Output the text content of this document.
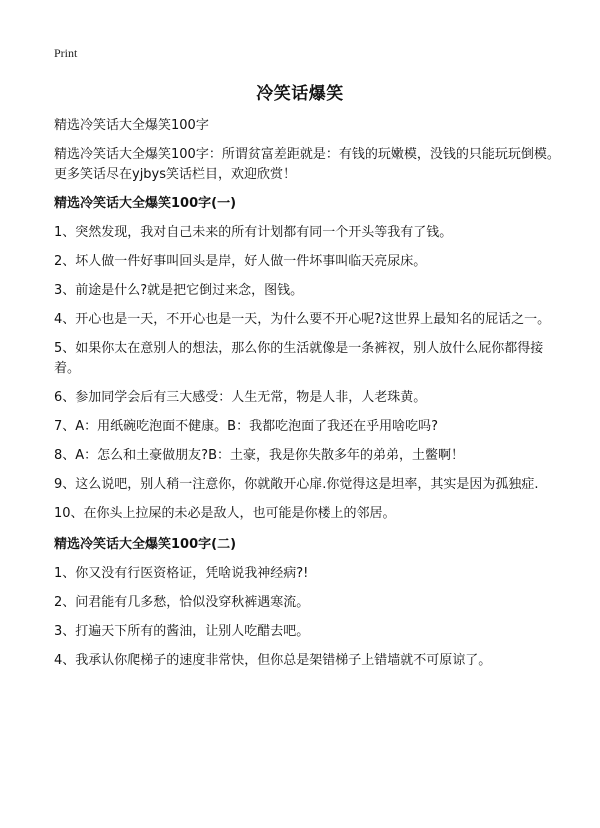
Print
冷笑话爆笑

精选冷笑话大全爆笑100字

精选冷笑话大全爆笑100字：所谓贫富差距就是：有钱的玩嫩模，没钱的只能玩玩倒模。更多笑话尽在yjbys笑话栏目，欢迎欣赏！

精选冷笑话大全爆笑100字(一)

1、突然发现，我对自己未来的所有计划都有同一个开头等我有了钱。

2、坏人做一件好事叫回头是岸，好人做一件坏事叫临天亮尿床。

3、前途是什么?就是把它倒过来念，图钱。

4、开心也是一天，不开心也是一天，为什么要不开心呢?这世界上最知名的屁话之一。

5、如果你太在意别人的想法，那么你的生活就像是一条裤衩，别人放什么屁你都得接着。

6、参加同学会后有三大感受：人生无常，物是人非，人老珠黄。

7、A：用纸碗吃泡面不健康。B：我都吃泡面了我还在乎用啥吃吗?

8、A：怎么和土豪做朋友?B：土豪，我是你失散多年的弟弟，土鳖啊！

9、这么说吧，别人稍一注意你，你就敞开心扉.你觉得这是坦率，其实是因为孤独症.

10、在你头上拉屎的未必是敌人，也可能是你楼上的邻居。

精选冷笑话大全爆笑100字(二)

1、你又没有行医资格证，凭啥说我神经病?!

2、问君能有几多愁，恰似没穿秋裤遇寒流。

3、打遍天下所有的酱油，让别人吃醋去吧。

4、我承认你爬梯子的速度非常快，但你总是架错梯子上错墙就不可原谅了。
